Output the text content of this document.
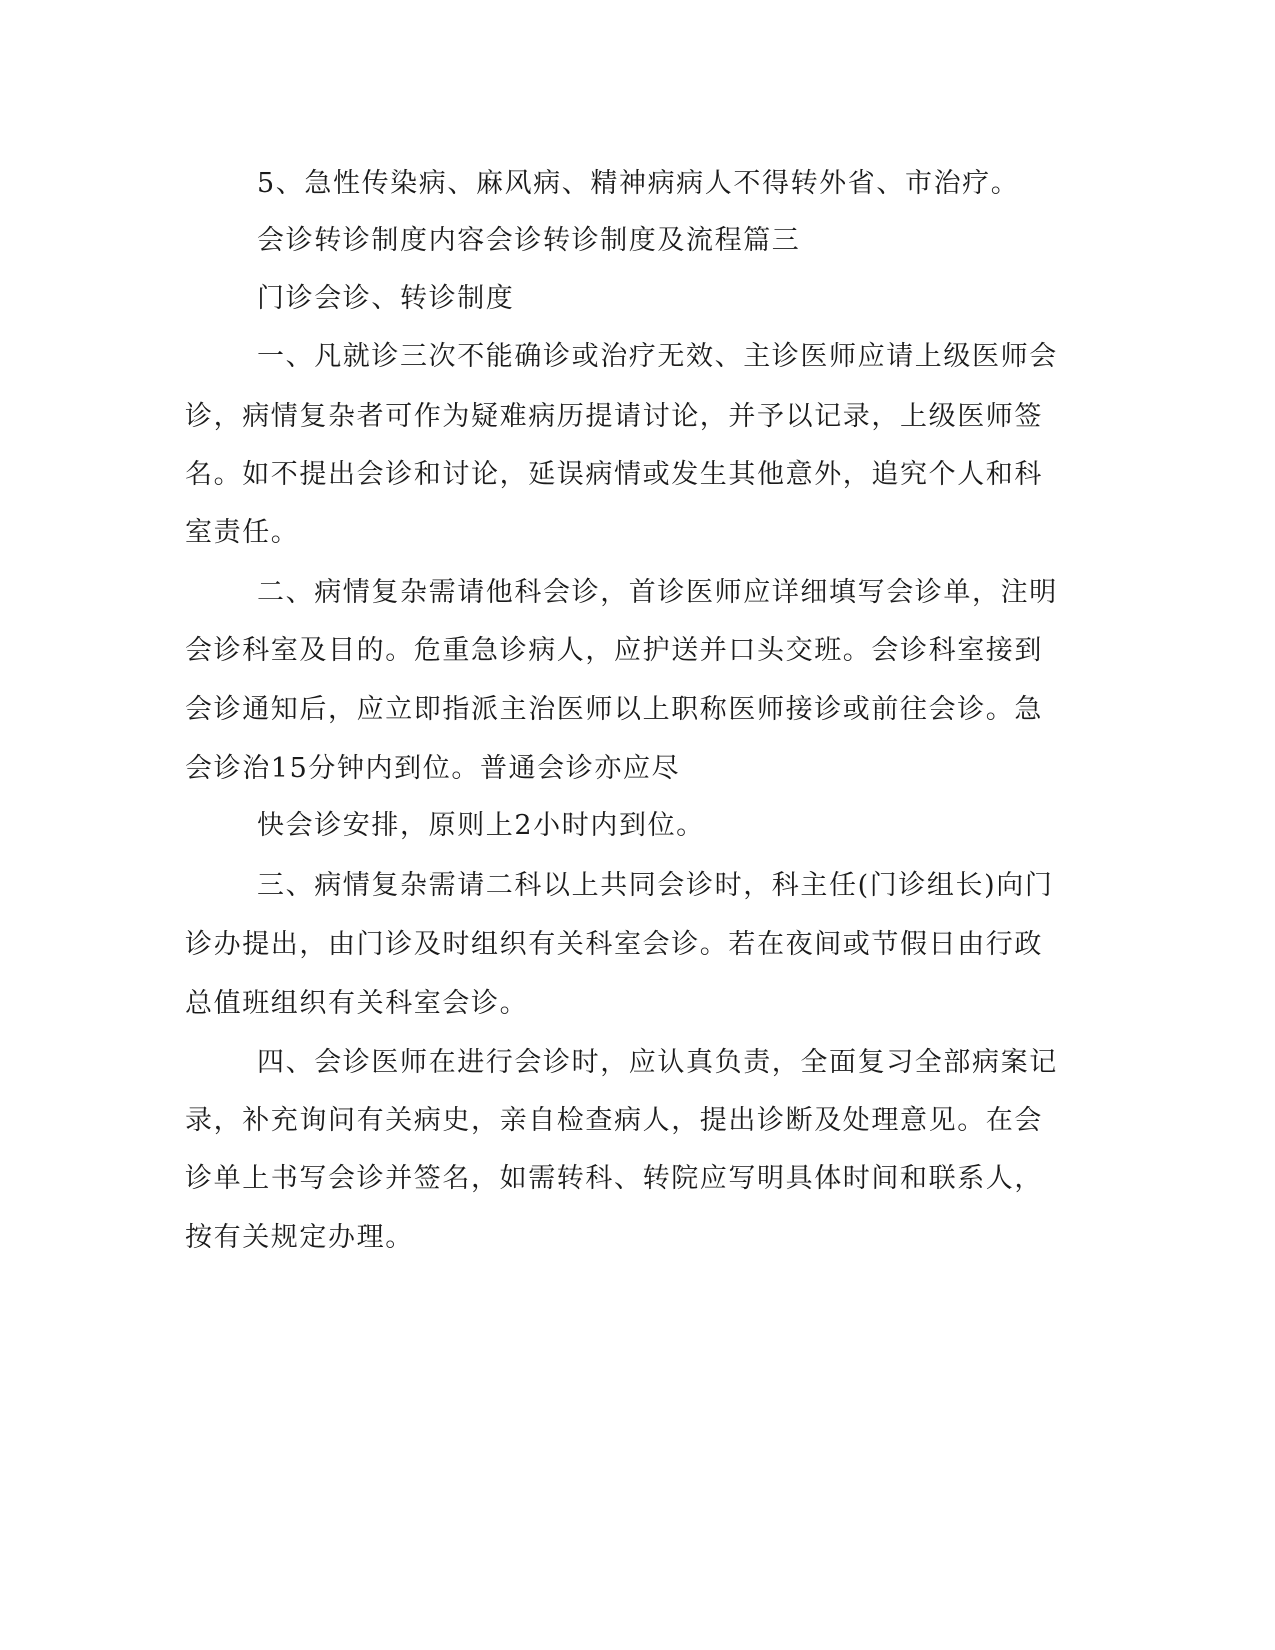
5、急性传染病、麻风病、精神病病人不得转外省、市治疗。
会诊转诊制度内容会诊转诊制度及流程篇三
门诊会诊、转诊制度
一、凡就诊三次不能确诊或治疗无效、主诊医师应请上级医师会
诊，病情复杂者可作为疑难病历提请讨论，并予以记录，上级医师签
名。如不提出会诊和讨论，延误病情或发生其他意外，追究个人和科
室责任。
二、病情复杂需请他科会诊，首诊医师应详细填写会诊单，注明
会诊科室及目的。危重急诊病人，应护送并口头交班。会诊科室接到
会诊通知后，应立即指派主治医师以上职称医师接诊或前往会诊。急
会诊治15分钟内到位。普通会诊亦应尽
快会诊安排，原则上2小时内到位。
三、病情复杂需请二科以上共同会诊时，科主任(门诊组长)向门
诊办提出，由门诊及时组织有关科室会诊。若在夜间或节假日由行政
总值班组织有关科室会诊。
四、会诊医师在进行会诊时，应认真负责，全面复习全部病案记
录，补充询问有关病史，亲自检查病人，提出诊断及处理意见。在会
诊单上书写会诊并签名，如需转科、转院应写明具体时间和联系人，
按有关规定办理。
